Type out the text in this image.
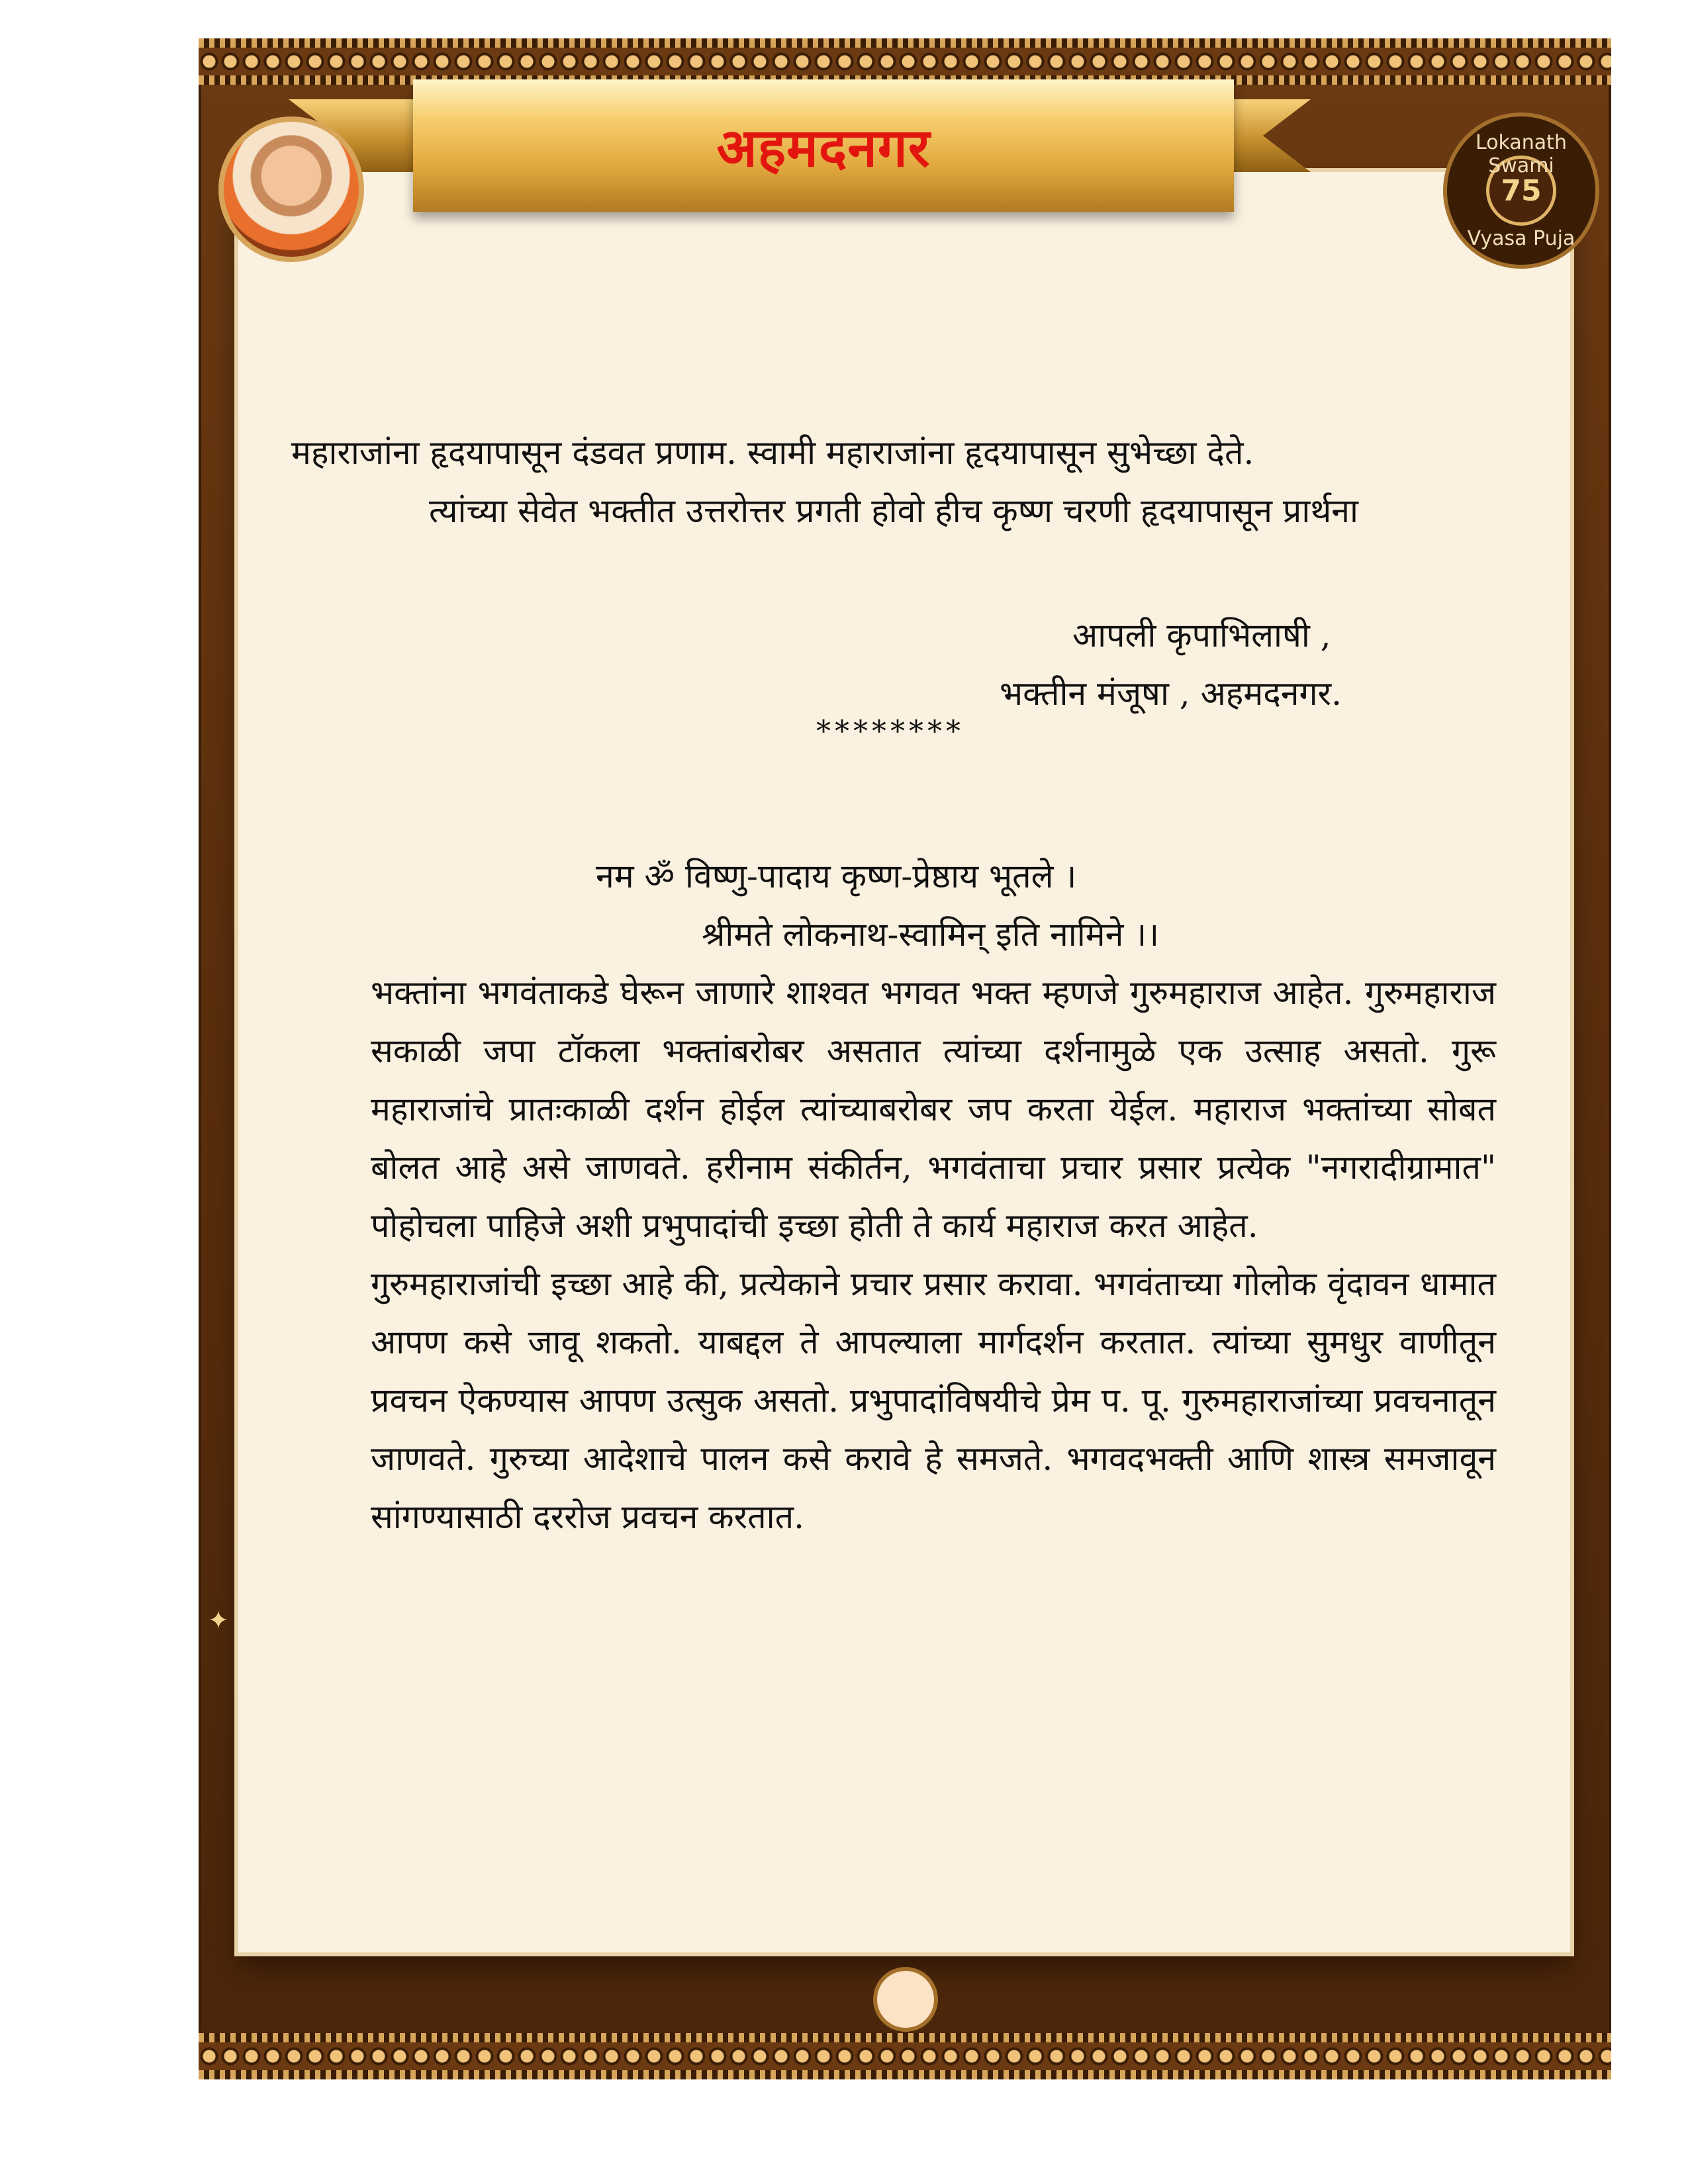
अहमदनगर	Lokanath Swami
75
Vyasa Puja

महाराजांना हृदयापासून दंडवत प्रणाम. स्वामी महाराजांना हृदयापासून सुभेच्छा देते.

त्यांच्या सेवेत भक्तीत उत्तरोत्तर प्रगती होवो हीच कृष्ण चरणी हृदयापासून प्रार्थना

आपली कृपाभिलाषी ,

भक्तीन मंजूषा , अहमदनगर.

********

नम ॐ विष्णु-पादाय कृष्ण-प्रेष्ठाय भूतले ।

श्रीमते लोकनाथ-स्वामिन् इति नामिने ।।

भक्तांना भगवंताकडे घेरून जाणारे शाश्वत भगवत भक्त म्हणजे गुरुमहाराज आहेत. गुरुमहाराज सकाळी जपा टॉकला भक्तांबरोबर असतात त्यांच्या दर्शनामुळे एक उत्साह असतो. गुरू महाराजांचे प्रातःकाळी दर्शन होईल त्यांच्याबरोबर जप करता येईल. महाराज भक्तांच्या सोबत बोलत आहे असे जाणवते. हरीनाम संकीर्तन, भगवंताचा प्रचार प्रसार प्रत्येक "नगरादीग्रामात" पोहोचला पाहिजे अशी प्रभुपादांची इच्छा होती ते कार्य महाराज करत आहेत.

गुरुमहाराजांची इच्छा आहे की, प्रत्येकाने प्रचार प्रसार करावा. भगवंताच्या गोलोक वृंदावन धामात आपण कसे जावू शकतो. याबद्दल ते आपल्याला मार्गदर्शन करतात. त्यांच्या सुमधुर वाणीतून प्रवचन ऐकण्यास आपण उत्सुक असतो. प्रभुपादांविषयीचे प्रेम प. पू. गुरुमहाराजांच्या प्रवचनातून जाणवते. गुरुच्या आदेशाचे पालन कसे करावे हे समजते. भगवदभक्ती आणि शास्त्र समजावून सांगण्यासाठी दररोज प्रवचन करतात.

✦
